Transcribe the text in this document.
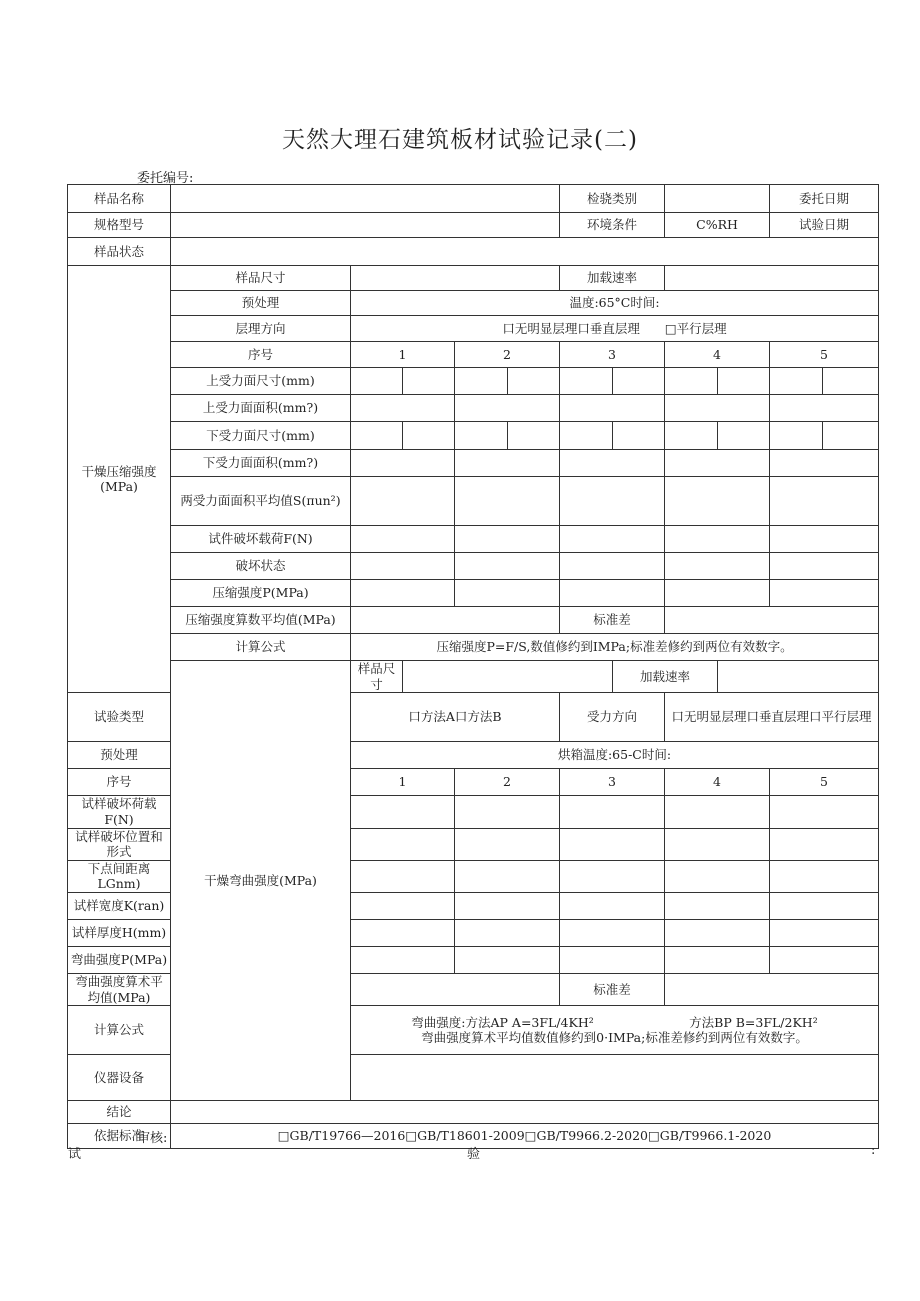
天然大理石建筑板材试验记录(二)
委托编号:
样品名称						检骁类别				委托日期
规格型号						环境条件		C%RH		试验日期	
样品状态											
干燥压缩强度(MPa)	样品尺寸					加载速率					
	预处理	温度:65°C时间:									
	层理方向	口无明显层理口垂直层理　　□平行层理									
	序号	1		2		3		4		5	
	上受力面尺寸(mm)										
	上受力面面积(mm?)										
	下受力面尺寸(mm)										
	下受力面面积(mm?)										
	两受力面面积平均值S(πun²)										
	试件破坏载荷F(N)										
	破坏状态										
	压缩强度P(MPa)										
	压缩强度算数平均值(MPa)					标准差					
	计算公式	压缩强度P=F/S,数值修约到IMPa;标准差修约到两位有效数字。									
	干燥弯曲强度(MPa)	样品尺寸					加载速率				
试验类型		口方法A口方法B				受力方向		口无明显层理口垂直层理口平行层理			
预处理		烘箱温度:65-C时间:									
序号		1		2		3		4		5	
试样破坏荷载F(N)											
试样破坏位置和形式											
下点间距离LGnm)											
试样宽度K(ran)											
试样厚度H(mm)											
弯曲强度P(MPa)											
弯曲强度算术平均值(MPa)						标准差					
计算公式		弯曲强度:方法AP A=3FL/4KH² 方法BP B=3FL/2KH²
弯曲强度算术平均值数值修约到0·IMPa;标准差修约到两位有效数字。									

仪器设备											
结论											
依据标准	□GB/T19766—2016□GB/T18601-2009□GB/T9966.2-2020□GB/T9966.1-2020										
审核:
试	验	:
